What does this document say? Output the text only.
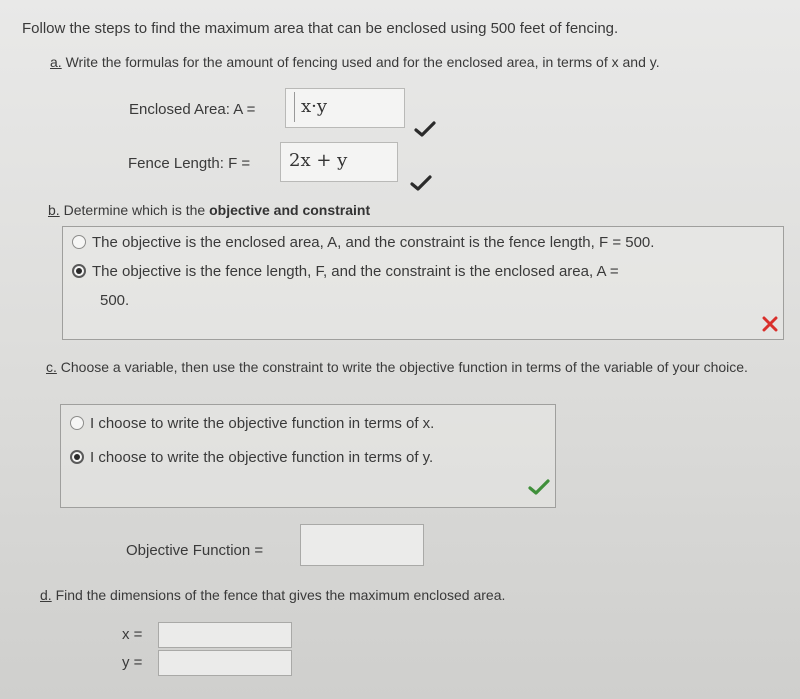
Follow the steps to find the maximum area that can be enclosed using 500 feet of fencing.
a. Write the formulas for the amount of fencing used and for the enclosed area, in terms of x and y.
Enclosed Area: A =	x·y
Fence Length: F =	2x + y
b. Determine which is the objective and constraint
The objective is the enclosed area, A, and the constraint is the fence length, F = 500.
The objective is the fence length, F, and the constraint is the enclosed area, A =
500.
c. Choose a variable, then use the constraint to write the objective function in terms of the variable of your choice.
I choose to write the objective function in terms of x.
I choose to write the objective function in terms of y.
Objective Function =
d. Find the dimensions of the fence that gives the maximum enclosed area.
x =
y =
